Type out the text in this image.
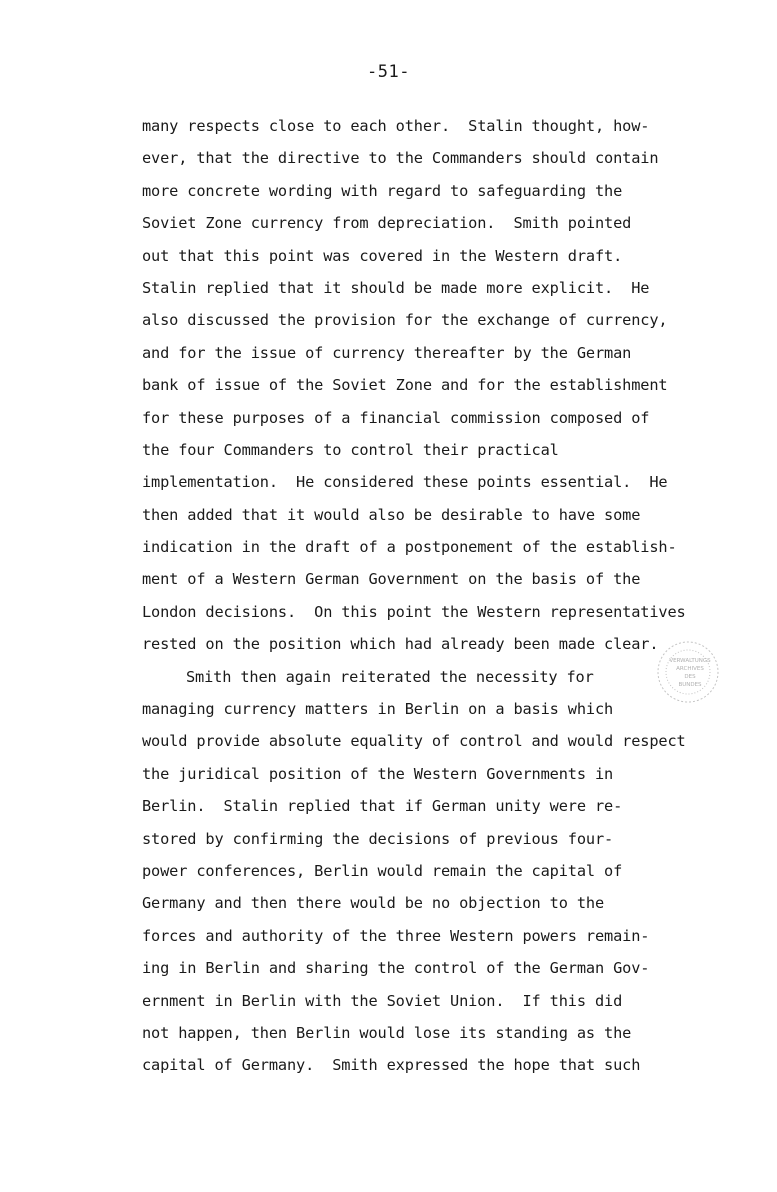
-51-
many respects close to each other.  Stalin thought, how-
ever, that the directive to the Commanders should contain
more concrete wording with regard to safeguarding the
Soviet Zone currency from depreciation.  Smith pointed
out that this point was covered in the Western draft.
Stalin replied that it should be made more explicit.  He
also discussed the provision for the exchange of currency,
and for the issue of currency thereafter by the German
bank of issue of the Soviet Zone and for the establishment
for these purposes of a financial commission composed of
the four Commanders to control their practical
implementation.  He considered these points essential.  He
then added that it would also be desirable to have some
indication in the draft of a postponement of the establish-
ment of a Western German Government on the basis of the
London decisions.  On this point the Western representatives
rested on the position which had already been made clear.
Smith then again reiterated the necessity for
managing currency matters in Berlin on a basis which
would provide absolute equality of control and would respect
the juridical position of the Western Governments in
Berlin.  Stalin replied that if German unity were re-
stored by confirming the decisions of previous four-
power conferences, Berlin would remain the capital of
Germany and then there would be no objection to the
forces and authority of the three Western powers remain-
ing in Berlin and sharing the control of the German Gov-
ernment in Berlin with the Soviet Union.  If this did
not happen, then Berlin would lose its standing as the
capital of Germany.  Smith expressed the hope that such
VERWALTUNGS
ARCHIVES
DES
BUNDES
